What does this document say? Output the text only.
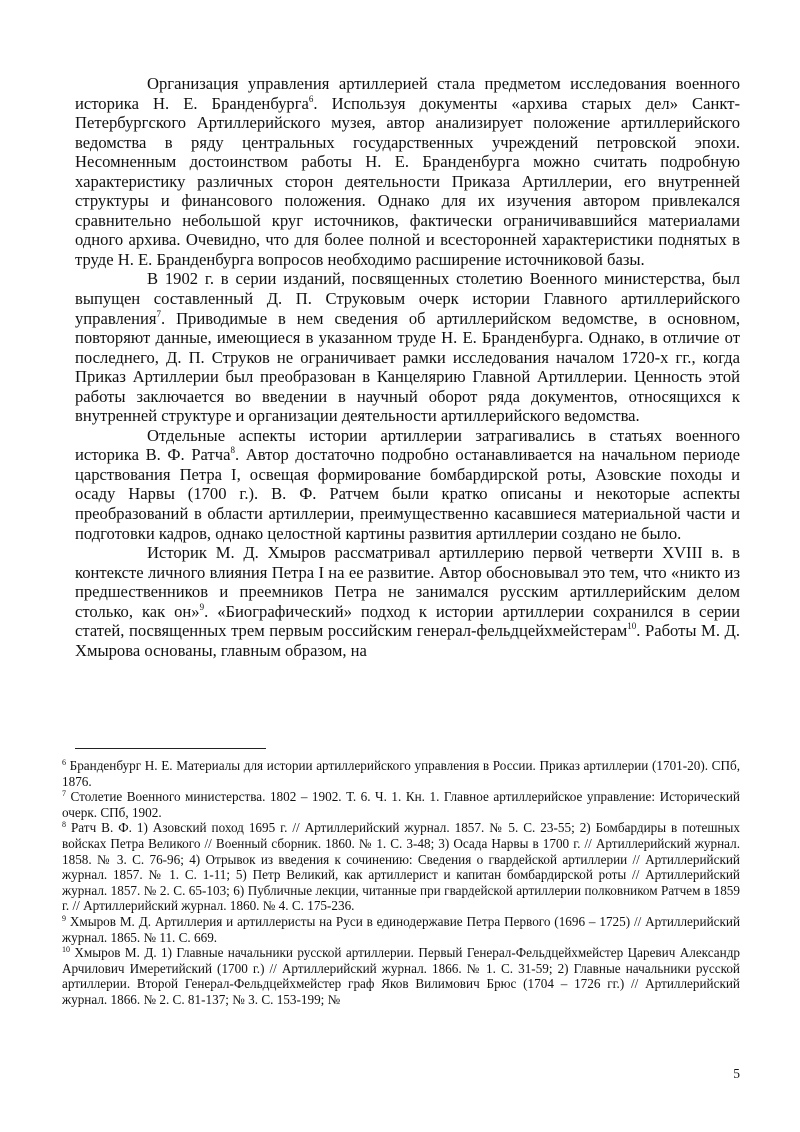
Организация управления артиллерией стала предметом исследования военного историка Н. Е. Бранденбурга$^6$. Используя документы «архива старых дел» Санкт-Петербургского Артиллерийского музея, автор анализирует положение артиллерийского ведомства в ряду центральных государственных учреждений петровской эпохи. Несомненным достоинством работы Н. Е. Бранденбурга можно считать подробную характеристику различных сторон деятельности Приказа Артиллерии, его внутренней структуры и финансового положения. Однако для их изучения автором привлекался сравнительно небольшой круг источников, фактически ограничивавшийся материалами одного архива. Очевидно, что для более полной и всесторонней характеристики поднятых в труде Н. Е. Бранденбурга вопросов необходимо расширение источниковой базы.

В 1902 г. в серии изданий, посвященных столетию Военного министерства, был выпущен составленный Д. П. Струковым очерк истории Главного артиллерийского управления$^7$. Приводимые в нем сведения об артиллерийском ведомстве, в основном, повторяют данные, имеющиеся в указанном труде Н. Е. Бранденбурга. Однако, в отличие от последнего, Д. П. Струков не ограничивает рамки исследования началом 1720-х гг., когда Приказ Артиллерии был преобразован в Канцелярию Главной Артиллерии. Ценность этой работы заключается во введении в научный оборот ряда документов, относящихся к внутренней структуре и организации деятельности артиллерийского ведомства.

Отдельные аспекты истории артиллерии затрагивались в статьях военного историка В. Ф. Ратча$^8$. Автор достаточно подробно останавливается на начальном периоде царствования Петра I, освещая формирование бомбардирской роты, Азовские походы и осаду Нарвы (1700 г.). В. Ф. Ратчем были кратко описаны и некоторые аспекты преобразований в области артиллерии, преимущественно касавшиеся материальной части и подготовки кадров, однако целостной картины развития артиллерии создано не было.

Историк М. Д. Хмыров рассматривал артиллерию первой четверти XVIII в. в контексте личного влияния Петра I на ее развитие. Автор обосновывал это тем, что «никто из предшественников и преемников Петра не занимался русским артиллерийским делом столько, как он»$^9$. «Биографический» подход к истории артиллерии сохранился в серии статей, посвященных трем первым российским генерал-фельдцейхмейстерам$^{10}$. Работы М. Д. Хмырова основаны, главным образом, на

$^6$ Бранденбург Н. Е. Материалы для истории артиллерийского управления в России. Приказ артиллерии (1701-20). СПб, 1876.

$^7$ Столетие Военного министерства. 1802 – 1902. Т. 6. Ч. 1. Кн. 1. Главное артиллерийское управление: Исторический очерк. СПб, 1902.

$^8$ Ратч В. Ф. 1) Азовский поход 1695 г. // Артиллерийский журнал. 1857. № 5. С. 23-55; 2) Бомбардиры в потешных войсках Петра Великого // Военный сборник. 1860. № 1. С. 3-48; 3) Осада Нарвы в 1700 г. // Артиллерийский журнал. 1858. № 3. С. 76-96; 4) Отрывок из введения к сочинению: Сведения о гвардейской артиллерии // Артиллерийский журнал. 1857. № 1. С. 1-11; 5) Петр Великий, как артиллерист и капитан бомбардирской роты // Артиллерийский журнал. 1857. № 2. С. 65-103; 6) Публичные лекции, читанные при гвардейской артиллерии полковником Ратчем в 1859 г. // Артиллерийский журнал. 1860. № 4. С. 175-236.

$^9$ Хмыров М. Д. Артиллерия и артиллеристы на Руси в единодержавие Петра Первого (1696 – 1725) // Артиллерийский журнал. 1865. № 11. С. 669.

$^{10}$ Хмыров М. Д. 1) Главные начальники русской артиллерии. Первый Генерал-Фельдцейхмейстер Царевич Александр Арчилович Имеретийский (1700 г.) // Артиллерийский журнал. 1866. № 1. С. 31-59; 2) Главные начальники русской артиллерии. Второй Генерал-Фельдцейхмейстер граф Яков Вилимович Брюс (1704 – 1726 гг.) // Артиллерийский журнал. 1866. № 2. С. 81-137; № 3. С. 153-199; №

5
